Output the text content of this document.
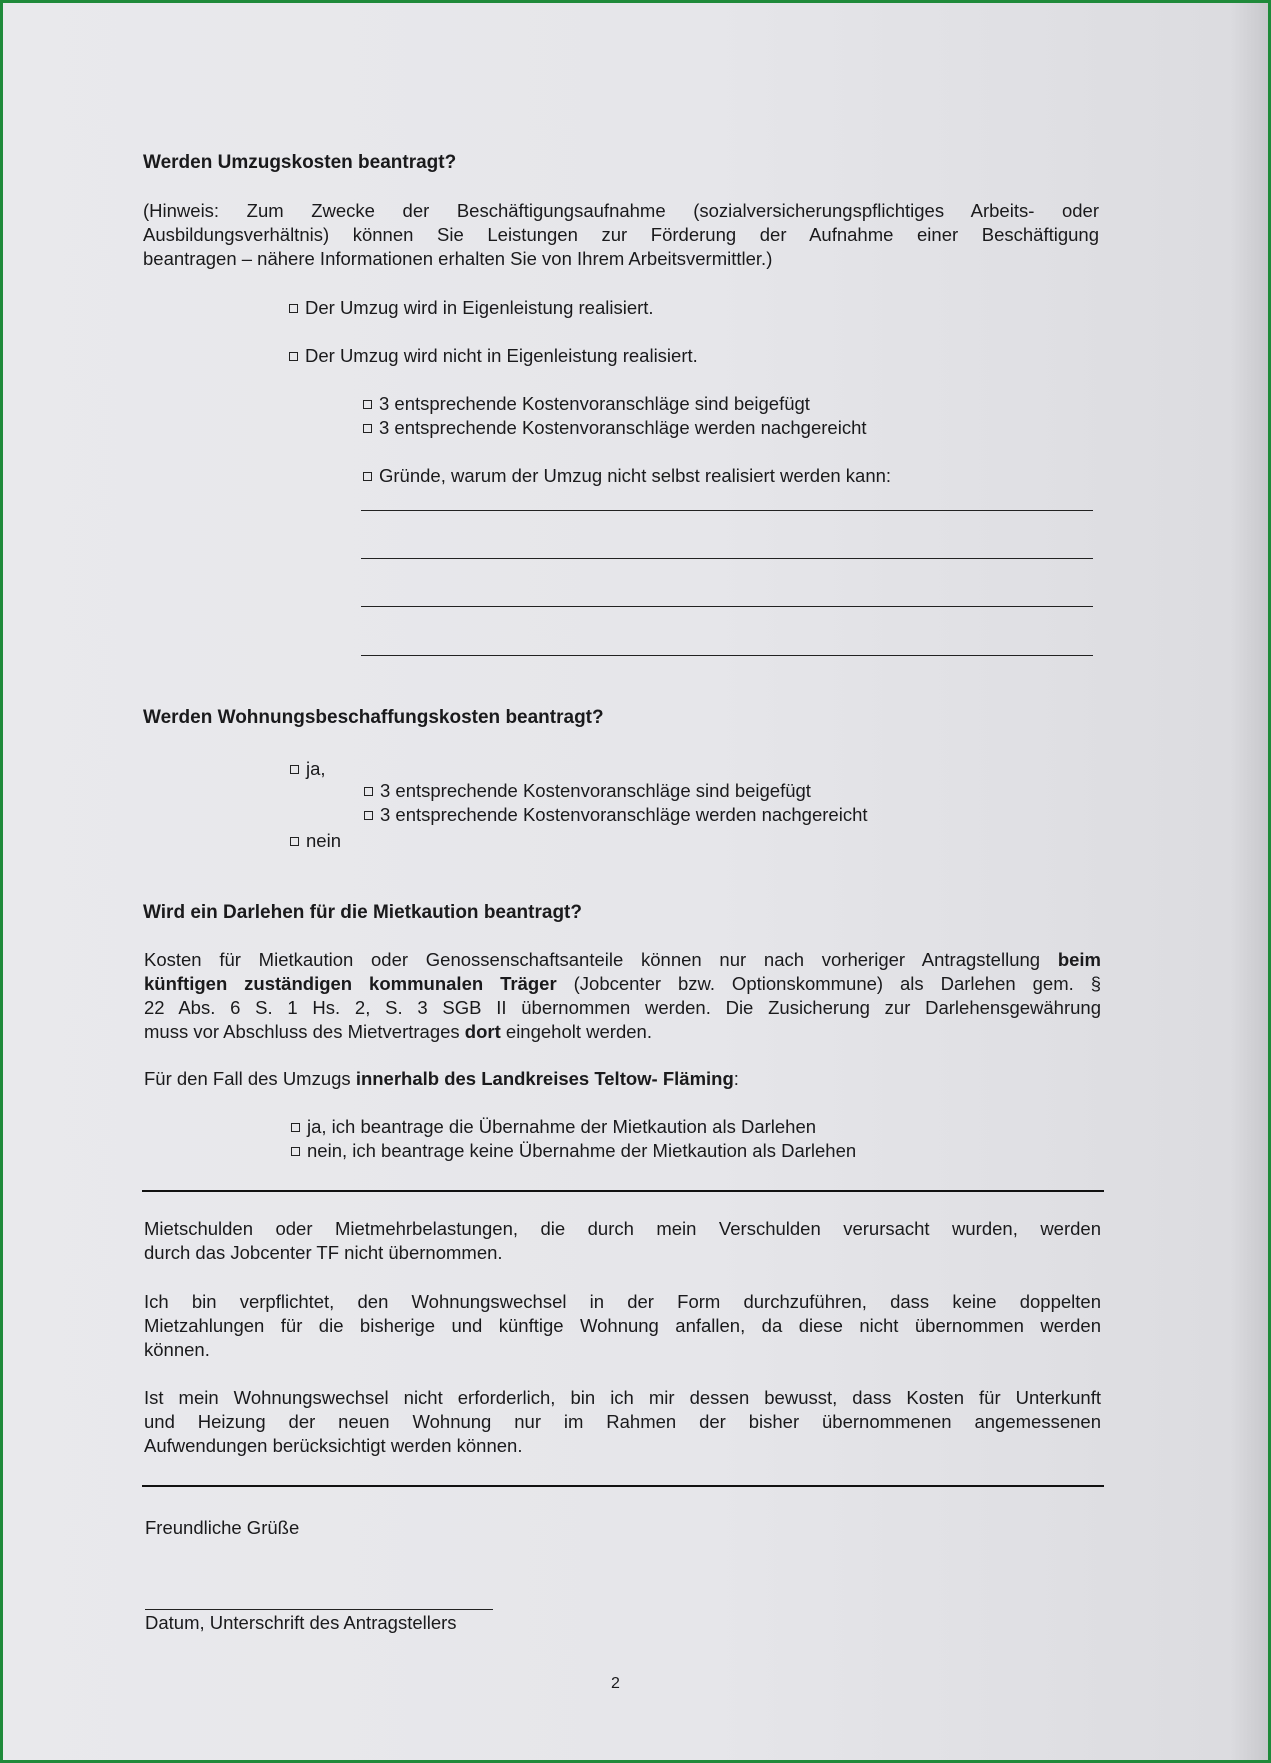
Werden Umzugskosten beantragt?
(Hinweis: Zum Zwecke der Beschäftigungsaufnahme (sozialversicherungspflichtiges Arbeits- oder
Ausbildungsverhältnis) können Sie Leistungen zur Förderung der Aufnahme einer Beschäftigung
beantragen – nähere Informationen erhalten Sie von Ihrem Arbeitsvermittler.)
Der Umzug wird in Eigenleistung realisiert.
Der Umzug wird nicht in Eigenleistung realisiert.
3 entsprechende Kostenvoranschläge sind beigefügt
3 entsprechende Kostenvoranschläge werden nachgereicht
Gründe, warum der Umzug nicht selbst realisiert werden kann:
Werden Wohnungsbeschaffungskosten beantragt?
ja,
3 entsprechende Kostenvoranschläge sind beigefügt
3 entsprechende Kostenvoranschläge werden nachgereicht
nein
Wird ein Darlehen für die Mietkaution beantragt?
Kosten für Mietkaution oder Genossenschaftsanteile können nur nach vorheriger Antragstellung beim
künftigen zuständigen kommunalen Träger (Jobcenter bzw. Optionskommune) als Darlehen gem. §
22 Abs. 6 S. 1 Hs. 2, S. 3 SGB II übernommen werden. Die Zusicherung zur Darlehensgewährung
muss vor Abschluss des Mietvertrages dort eingeholt werden.
Für den Fall des Umzugs innerhalb des Landkreises Teltow- Fläming:
ja, ich beantrage die Übernahme der Mietkaution als Darlehen
nein, ich beantrage keine Übernahme der Mietkaution als Darlehen
Mietschulden oder Mietmehrbelastungen, die durch mein Verschulden verursacht wurden, werden
durch das Jobcenter TF nicht übernommen.
Ich bin verpflichtet, den Wohnungswechsel in der Form durchzuführen, dass keine doppelten
Mietzahlungen für die bisherige und künftige Wohnung anfallen, da diese nicht übernommen werden
können.
Ist mein Wohnungswechsel nicht erforderlich, bin ich mir dessen bewusst, dass Kosten für Unterkunft
und Heizung der neuen Wohnung nur im Rahmen der bisher übernommenen angemessenen
Aufwendungen berücksichtigt werden können.
Freundliche Grüße
Datum, Unterschrift des Antragstellers
2
